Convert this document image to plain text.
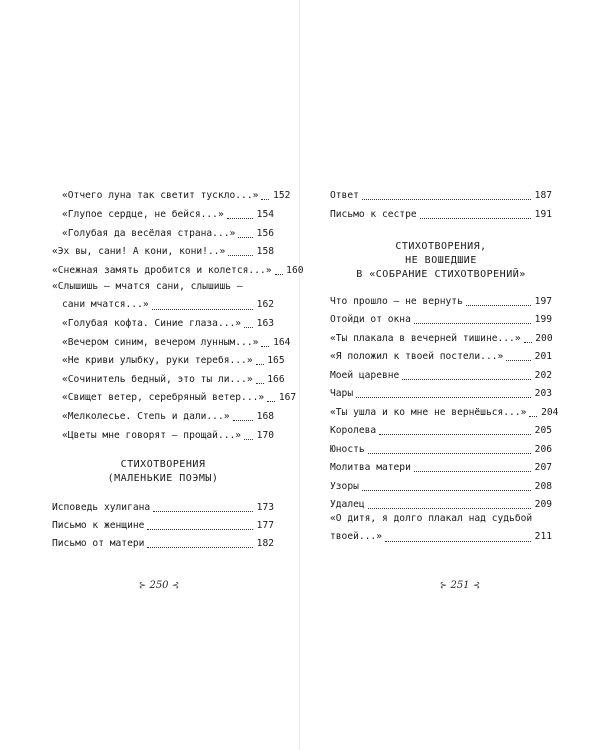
«Отчего луна так светит тускло...» 152
«Глупое сердце, не бейся...»	154
«Голубая да весёлая страна...» 156
«Эх вы, сани! А кони, кони!..»	158
«Снежная замять дробится и колется...» 160
«Слышишь — мчатся сани, слышишь —
сани мчатся...»	162
«Голубая кофта. Синие глаза...» 163
«Вечером синим, вечером лунным...» 164
«Не криви улыбку, руки теребя...» 165
«Сочинитель бедный, это ты ли...» 166
«Свищет ветер, серебряный ветер...» 167
«Мелколесье. Степь и дали...»	168
«Цветы мне говорят — прощай...» 170
СТИХОТВОРЕНИЯ
(МАЛЕНЬКИЕ ПОЭМЫ)
Исповедь хулигана	173
Письмо к женщине	177
Письмо от матери	182
⊱ 250 ⊰
Ответ	187
Письмо к сестре	191
СТИХОТВОРЕНИЯ,
НЕ ВОШЕДШИЕ
В «СОБРАНИЕ СТИХОТВОРЕНИЙ»
Что прошло — не вернуть	197
Отойди от окна	199
«Ты плакала в вечерней тишине...» 200
«Я положил к твоей постели...»	201
Моей царевне	202
Чары	203
«Ты ушла и ко мне не вернёшься...» 204
Королева	205
Юность	206
Молитва матери	207
Узоры	208
Удалец	209
«О дитя, я долго плакал над судьбой
твоей...»	211
⊱ 251 ⊰
